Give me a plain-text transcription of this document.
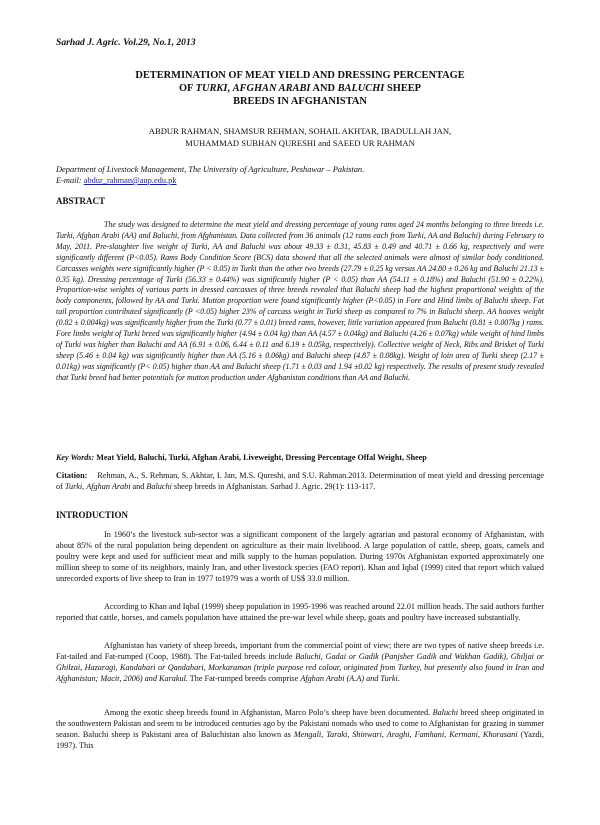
Sarhad J. Agric. Vol.29, No.1, 2013
DETERMINATION OF MEAT YIELD AND DRESSING PERCENTAGE
OF TURKI, AFGHAN ARABI AND BALUCHI SHEEP
BREEDS IN AFGHANISTAN
ABDUR RAHMAN, SHAMSUR REHMAN, SOHAIL AKHTAR, IBADULLAH JAN,
MUHAMMAD SUBHAN QURESHI and SAEED UR RAHMAN
Department of Livestock Management, The University of Agriculture, Peshawar – Pakistan.
E-mail: abdur_rahman@aup.edu.pk
ABSTRACT

The study was designed to determine the meat yield and dressing percentage of young rams aged 24 months belonging to three breeds i.e. Turki, Afghan Arabi (AA) and Baluchi, from Afghanistan. Data collected from 36 animals (12 rams each from Turki, AA and Baluchi) during February to May, 2011. Pre-slaughter live weight of Turki, AA and Baluchi was about 49.33 ± 0.31, 45.83 ± 0.49 and 40.71 ± 0.66 kg, respectively and were significantly different (P<0.05). Rams Body Condition Score (BCS) data showed that all the selected animals were almost of similar body conditioned. Carcasses weights were significantly higher (P < 0.05) in Turki than the other two breeds (27.79 ± 0.25 kg versus AA 24.80 ± 0.26 kg and Baluchi 21.13 ± 0.35 kg). Dressing percentage of Turki (56.33 ± 0.44%) was significantly higher (P < 0.05) than AA (54.11 ± 0.18%) and Baluchi (51.90 ± 0.22%). Proportion-wise weights of various parts in dressed carcasses of three breeds revealed that Baluchi sheep had the highest proportional weights of the body components, followed by AA and Turki. Mutton proportion were found significantly higher (P<0.05) in Fore and Hind limbs of Baluchi sheep. Fat tail proportion contributed significantly (P <0.05) higher 23% of carcass weight in Turki sheep as compared to 7% in Baluchi sheep. AA hooves weight (0.82 ± 0.004kg) was significantly higher from the Turki (0.77 ± 0.01) breed rams, however, little variation appeared from Baluchi (0.81 ± 0.007kg ) rams. Fore limbs weight of Turki breed was significantly higher (4.94 ± 0.04 kg) than AA (4.57 ± 0.04kg) and Baluchi (4.26 ± 0.07kg) while weight of hind limbs of Turki was higher than Baluchi and AA (6.91 ± 0.06, 6.44 ± 0.11 and 6.19 ± 0.05kg, respectively). Collective weight of Neck, Ribs and Brisket of Turki sheep (5.46 ± 0.04 kg) was significantly higher than AA (5.16 ± 0.06kg) and Baluchi sheep (4.87 ± 0.08kg). Weight of loin area of Turki sheep (2.17 ± 0.01kg) was significantly (P< 0.05) higher than AA and Baluchi sheep (1.71 ± 0.03 and 1.94 ±0.02 kg) respectively. The results of present study revealed that Turki breed had better potentials for mutton production under Afghanistan conditions than AA and Baluchi.

Key Words: Meat Yield, Baluchi, Turki, Afghan Arabi, Liveweight, Dressing Percentage Offal Weight, Sheep
Citation: Rehman, A., S. Rehman, S. Akhtar, I. Jan, M.S. Qureshi, and S.U. Rahman.2013. Determination of meat yield and dressing percentage of Turki, Afghan Arabi and Baluchi sheep breeds in Afghanistan. Sarhad J. Agric. 29(1): 113-117.
INTRODUCTION

In 1960’s the livestock sub-sector was a significant component of the largely agrarian and pastoral economy of Afghanistan, with about 85% of the rural population being dependent on agriculture as their main livelihood. A large population of cattle, sheep, goats, camels and poultry were kept and used for sufficient meat and milk supply to the human population. During 1970s Afghanistan exported approximately one million sheep to some of its neighbors, mainly Iran, and other livestock species (FAO report). Khan and Iqbal (1999) cited that report which valued unrecorded exports of live sheep to Iran in 1977 to1979 was a worth of US$ 33.0 million.

According to Khan and Iqbal (1999) sheep population in 1995-1996 was reached around 22.01 million heads. The said authors further reported that cattle, horses, and camels population have attained the pre-war level while sheep, goats and poultry have increased substantially.

Afghanistan has variety of sheep breeds, important from the commercial point of view; there are two types of native sheep breeds i.e. Fat-tailed and Fat-rumped (Coop, 1988). The Fat-tailed breeds include Baluchi, Gadai or Gadik (Panjsher Gadik and Wakhan Gadik), Ghiljai or Ghilzai, Hazaragi, Kandahari or Qandahari, Morkaraman (triple purpose red colour, originated from Turkey, but presently also found in Iran and Afghanistan; Macit, 2006) and Karakul. The Fat-rumped breeds comprise Afghan Arabi (A.A) and Turki.

Among the exotic sheep breeds found in Afghanistan, Marco Polo’s sheep have been documented. Baluchi breed sheep originated in the southwestern Pakistan and seem to be introduced centuries ago by the Pakistani nomads who used to come to Afghanistan for grazing in summer season. Baluchi sheep is Pakistani area of Baluchistan also known as Mengali, Taraki, Shinwari, Araghi, Famhani, Kermani, Khorasani (Yazdi, 1997). This
